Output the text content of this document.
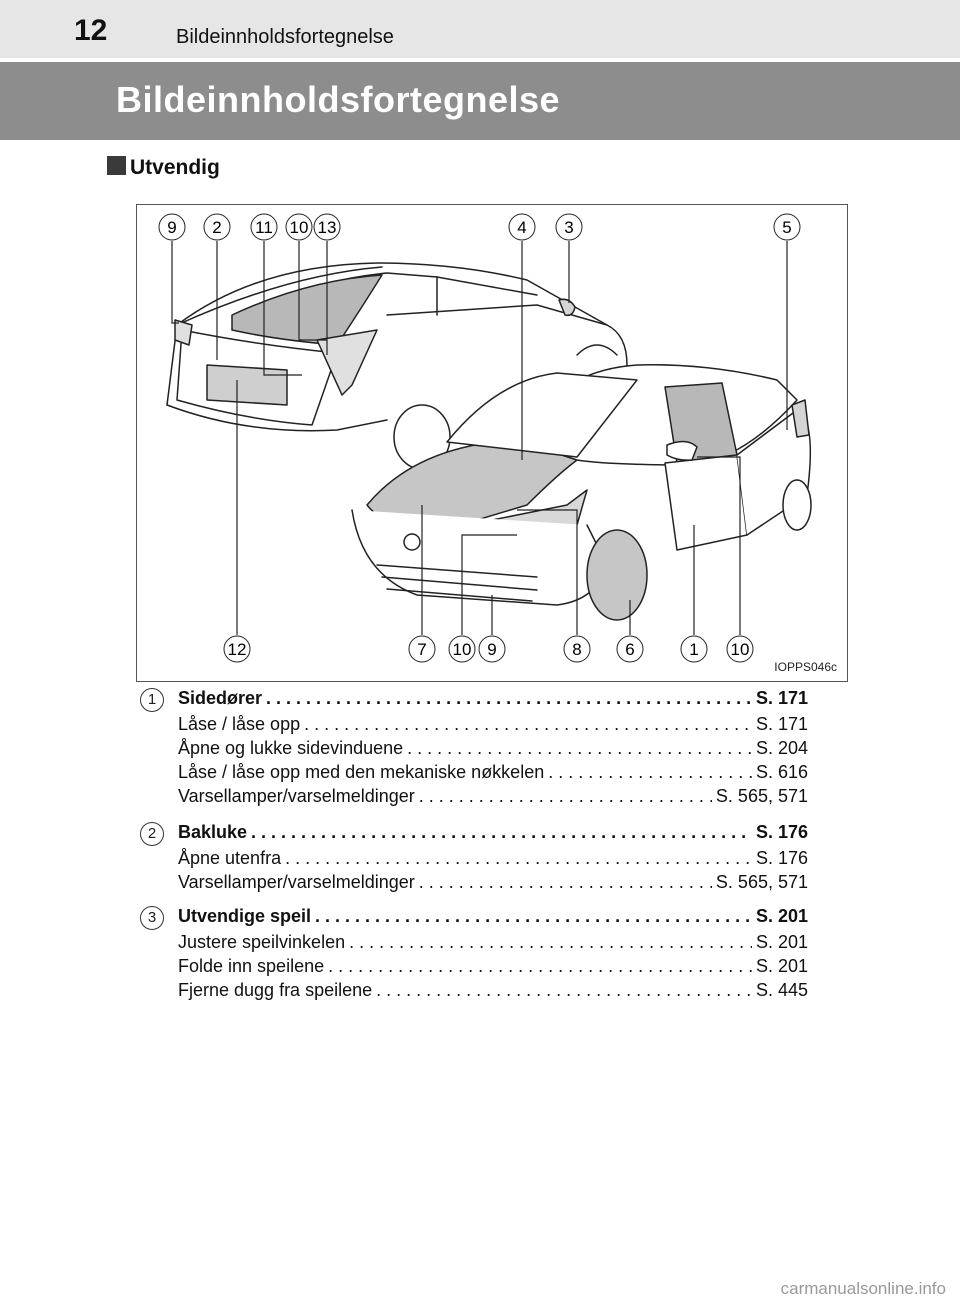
12	Bildeinnholdsfortegnelse
Bildeinnholdsfortegnelse
Utvendig
9 2 11 10 13	4 3	5
12	7 10 9	8	6	1 10
IOPPS046c
1	Sidedører . . .	S. 171
Låse / låse opp . . .	S. 171
Åpne og lukke sidevinduene . . .	S. 204
Låse / låse opp med den mekaniske nøkkelen . . .	S. 616
Varsellamper/varselmeldinger . . .	S. 565, 571
2	Bakluke . . .	S. 176
Åpne utenfra . . .	S. 176
Varsellamper/varselmeldinger . . .	S. 565, 571
3	Utvendige speil . . .	S. 201
Justere speilvinkelen . . .	S. 201
Folde inn speilene . . .	S. 201
Fjerne dugg fra speilene . . .	S. 445
carmanualsonline.info
